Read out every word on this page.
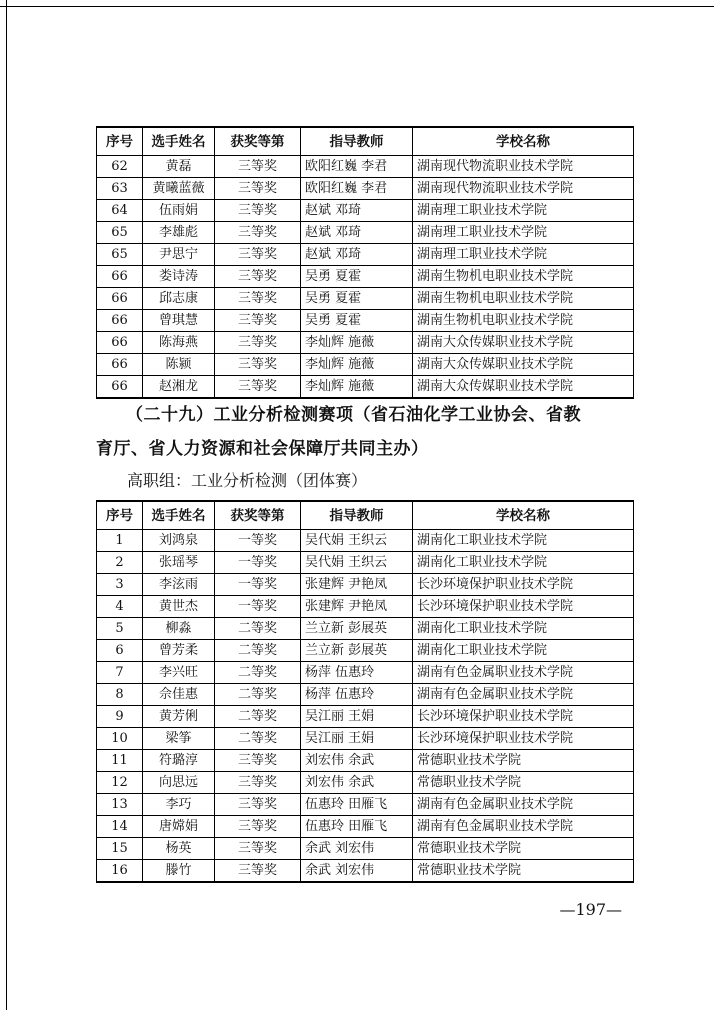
序号	选手姓名	获奖等第	指导教师	学校名称
62	黄磊	三等奖	欧阳红巍 李君	湖南现代物流职业技术学院
63	黄曦蓝薇	三等奖	欧阳红巍 李君	湖南现代物流职业技术学院
64	伍雨娟	三等奖	赵斌 邓琦	湖南理工职业技术学院
65	李雄彪	三等奖	赵斌 邓琦	湖南理工职业技术学院
65	尹思宁	三等奖	赵斌 邓琦	湖南理工职业技术学院
66	娄诗涛	三等奖	吴勇 夏霍	湖南生物机电职业技术学院
66	邱志康	三等奖	吴勇 夏霍	湖南生物机电职业技术学院
66	曾琪慧	三等奖	吴勇 夏霍	湖南生物机电职业技术学院
66	陈海燕	三等奖	李灿辉 施薇	湖南大众传媒职业技术学院
66	陈颍	三等奖	李灿辉 施薇	湖南大众传媒职业技术学院
66	赵湘龙	三等奖	李灿辉 施薇	湖南大众传媒职业技术学院
（二十九）工业分析检测赛项（省石油化学工业协会、省教
育厅、省人力资源和社会保障厅共同主办）
高职组：工业分析检测（团体赛）
序号	选手姓名	获奖等第	指导教师	学校名称
1	刘鸿泉	一等奖	吴代娟 王织云	湖南化工职业技术学院
2	张瑶琴	一等奖	吴代娟 王织云	湖南化工职业技术学院
3	李泫雨	一等奖	张建辉 尹艳凤	长沙环境保护职业技术学院
4	黄世杰	一等奖	张建辉 尹艳凤	长沙环境保护职业技术学院
5	柳淼	二等奖	兰立新 彭展英	湖南化工职业技术学院
6	曾芳柔	二等奖	兰立新 彭展英	湖南化工职业技术学院
7	李兴旺	二等奖	杨萍 伍惠玲	湖南有色金属职业技术学院
8	佘佳惠	二等奖	杨萍 伍惠玲	湖南有色金属职业技术学院
9	黄芳俐	二等奖	吴江丽 王娟	长沙环境保护职业技术学院
10	梁筝	二等奖	吴江丽 王娟	长沙环境保护职业技术学院
11	符璐淳	三等奖	刘宏伟 余武	常德职业技术学院
12	向思远	三等奖	刘宏伟 余武	常德职业技术学院
13	李巧	三等奖	伍惠玲 田雁飞	湖南有色金属职业技术学院
14	唐嫦娟	三等奖	伍惠玲 田雁飞	湖南有色金属职业技术学院
15	杨英	三等奖	余武 刘宏伟	常德职业技术学院
16	滕竹	三等奖	余武 刘宏伟	常德职业技术学院
—197—
